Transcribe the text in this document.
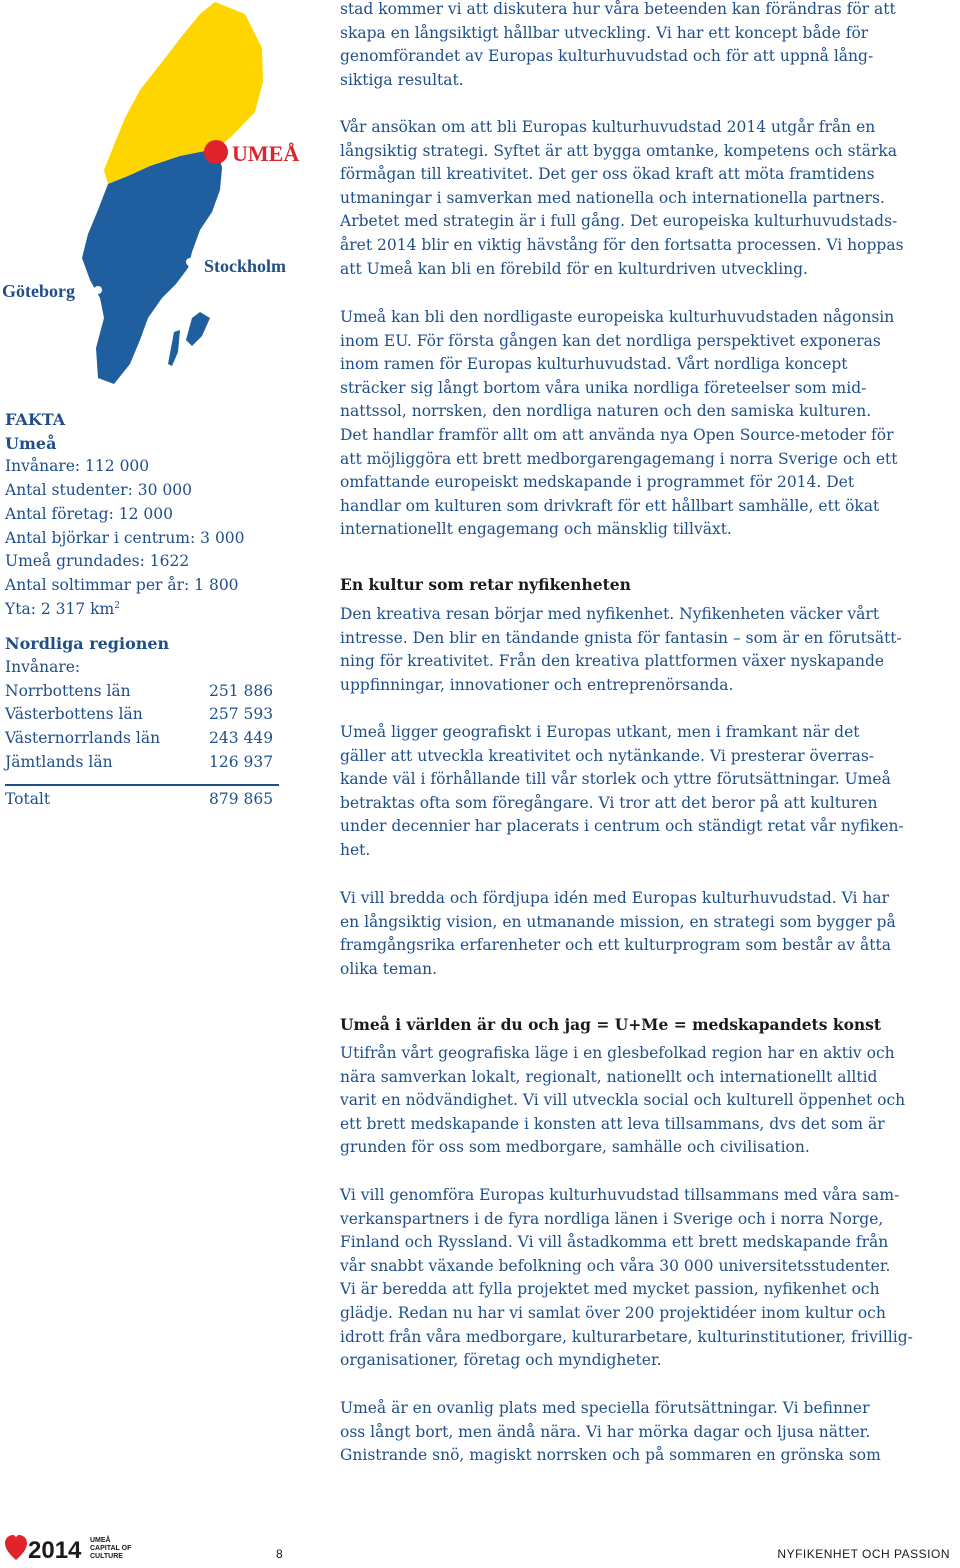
UMEÅ
Stockholm
Göteborg
FAKTA
Umeå
Invånare: 112 000
Antal studenter: 30 000
Antal företag: 12 000
Antal björkar i centrum: 3 000
Umeå grundades: 1622
Antal soltimmar per år: 1 800
Yta: 2 317 $km^2$
Nordliga regionen
Invånare:
Norrbottens län	251 886
Västerbottens län	257 593
Västernorrlands län	243 449
Jämtlands län	126 937
Totalt	879 865
stad kommer vi att diskutera hur våra beteenden kan förändras för att
skapa en långsiktigt hållbar utveckling. Vi har ett koncept både för
genomförandet av Europas kulturhuvudstad och för att uppnå lång-
siktiga resultat.
Vår ansökan om att bli Europas kulturhuvudstad 2014 utgår från en
långsiktig strategi. Syftet är att bygga omtanke, kompetens och stärka
förmågan till kreativitet. Det ger oss ökad kraft att möta framtidens
utmaningar i samverkan med nationella och internationella partners.
Arbetet med strategin är i full gång. Det europeiska kulturhuvudstads-
året 2014 blir en viktig hävstång för den fortsatta processen. Vi hoppas
att Umeå kan bli en förebild för en kulturdriven utveckling.
Umeå kan bli den nordligaste europeiska kulturhuvudstaden någonsin
inom EU. För första gången kan det nordliga perspektivet exponeras
inom ramen för Europas kulturhuvudstad. Vårt nordliga koncept
sträcker sig långt bortom våra unika nordliga företeelser som mid-
nattssol, norrsken, den nordliga naturen och den samiska kulturen.
Det handlar framför allt om att använda nya Open Source-metoder för
att möjliggöra ett brett medborgarengagemang i norra Sverige och ett
omfattande europeiskt medskapande i programmet för 2014. Det
handlar om kulturen som drivkraft för ett hållbart samhälle, ett ökat
internationellt engagemang och mänsklig tillväxt.
En kultur som retar nyfikenheten
Den kreativa resan börjar med nyfikenhet. Nyfikenheten väcker vårt
intresse. Den blir en tändande gnista för fantasin – som är en förutsätt-
ning för kreativitet. Från den kreativa plattformen växer nyskapande
uppfinningar, innovationer och entreprenörsanda.
Umeå ligger geografiskt i Europas utkant, men i framkant när det
gäller att utveckla kreativitet och nytänkande. Vi presterar överras-
kande väl i förhållande till vår storlek och yttre förutsättningar. Umeå
betraktas ofta som föregångare. Vi tror att det beror på att kulturen
under decennier har placerats i centrum och ständigt retat vår nyfiken-
het.
Vi vill bredda och fördjupa idén med Europas kulturhuvudstad. Vi har
en långsiktig vision, en utmanande mission, en strategi som bygger på
framgångsrika erfarenheter och ett kulturprogram som består av åtta
olika teman.
Umeå i världen är du och jag = U+Me = medskapandets konst
Utifrån vårt geografiska läge i en glesbefolkad region har en aktiv och
nära samverkan lokalt, regionalt, nationellt och internationellt alltid
varit en nödvändighet. Vi vill utveckla social och kulturell öppenhet och
ett brett medskapande i konsten att leva tillsammans, dvs det som är
grunden för oss som medborgare, samhälle och civilisation.
Vi vill genomföra Europas kulturhuvudstad tillsammans med våra sam-
verkanspartners i de fyra nordliga länen i Sverige och i norra Norge,
Finland och Ryssland. Vi vill åstadkomma ett brett medskapande från
vår snabbt växande befolkning och våra 30 000 universitetsstudenter.
Vi är beredda att fylla projektet med mycket passion, nyfikenhet och
glädje. Redan nu har vi samlat över 200 projektidéer inom kultur och
idrott från våra medborgare, kulturarbetare, kulturinstitutioner, frivillig-
organisationer, företag och myndigheter.
Umeå är en ovanlig plats med speciella förutsättningar. Vi befinner
oss långt bort, men ändå nära. Vi har mörka dagar och ljusa nätter.
Gnistrande snö, magiskt norrsken och på sommaren en grönska som
2014 UMEÅ
CAPITAL OF
CULTURE	8	NYFIKENHET OCH PASSION
